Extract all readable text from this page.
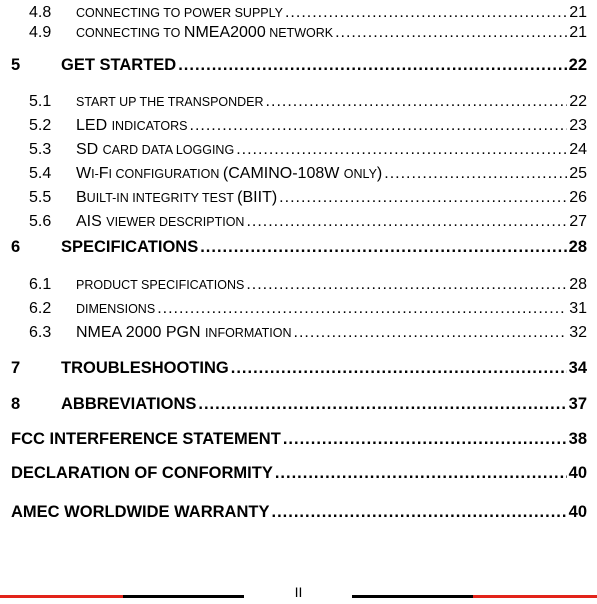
4.8	CONNECTING TO POWER SUPPLY .....	21
4.9	CONNECTING TO NMEA2000 NETWORK .....	21
5	GET STARTED .....	22
5.1	START UP THE TRANSPONDER .....	22
5.2	LED INDICATORS .....	23
5.3	SD CARD DATA LOGGING .....	24
5.4	WI-FI CONFIGURATION (CAMINO-108W ONLY) .....	25
5.5	BUILT-IN INTEGRITY TEST (BIIT) .....	26
5.6	AIS VIEWER DESCRIPTION .....	27
6	SPECIFICATIONS .....	28
6.1	PRODUCT SPECIFICATIONS .....	28
6.2	DIMENSIONS .....	31
6.3	NMEA 2000 PGN INFORMATION .....	32
7	TROUBLESHOOTING .....	34
8	ABBREVIATIONS .....	37
FCC INTERFERENCE STATEMENT .....	38
DECLARATION OF CONFORMITY .....	40
AMEC WORLDWIDE WARRANTY .....	40
II
